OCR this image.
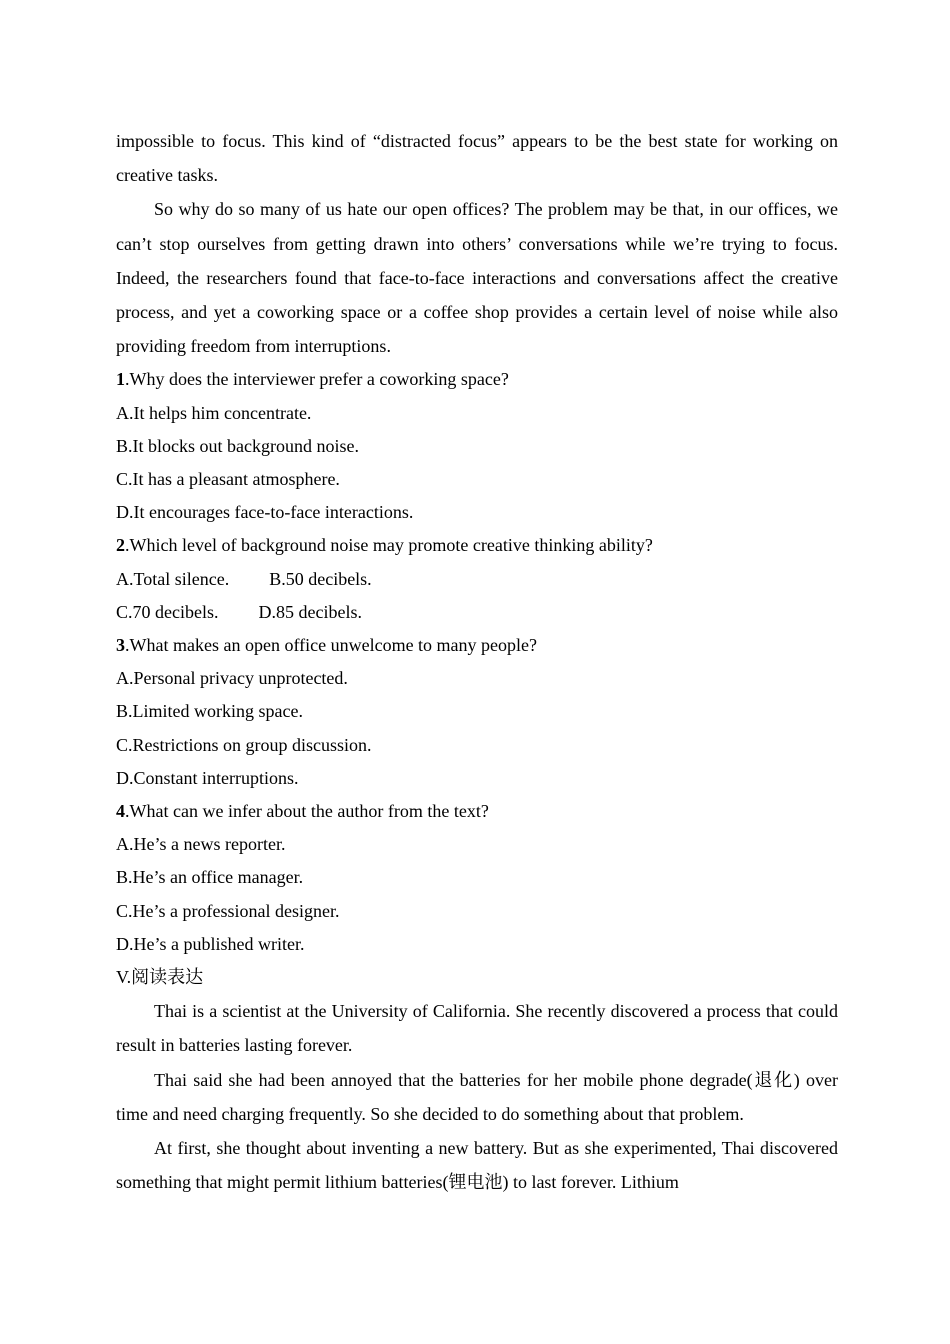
impossible to focus. This kind of “distracted focus” appears to be the best state for working on creative tasks.

So why do so many of us hate our open offices? The problem may be that, in our offices, we can’t stop ourselves from getting drawn into others’ conversations while we’re trying to focus. Indeed, the researchers found that face-to-face interactions and conversations affect the creative process, and yet a coworking space or a coffee shop provides a certain level of noise while also providing freedom from interruptions.

1.Why does the interviewer prefer a coworking space?

A.It helps him concentrate.

B.It blocks out background noise.

C.It has a pleasant atmosphere.

D.It encourages face-to-face interactions.

2.Which level of background noise may promote creative thinking ability?

A.Total silence. B.50 decibels.

C.70 decibels. D.85 decibels.

3.What makes an open office unwelcome to many people?

A.Personal privacy unprotected.

B.Limited working space.

C.Restrictions on group discussion.

D.Constant interruptions.

4.What can we infer about the author from the text?

A.He’s a news reporter.

B.He’s an office manager.

C.He’s a professional designer.

D.He’s a published writer.

V.阅读表达

Thai is a scientist at the University of California. She recently discovered a process that could result in batteries lasting forever.

Thai said she had been annoyed that the batteries for her mobile phone degrade(退化) over time and need charging frequently. So she decided to do something about that problem.

At first, she thought about inventing a new battery. But as she experimented, Thai discovered something that might permit lithium batteries(锂电池) to last forever. Lithium
